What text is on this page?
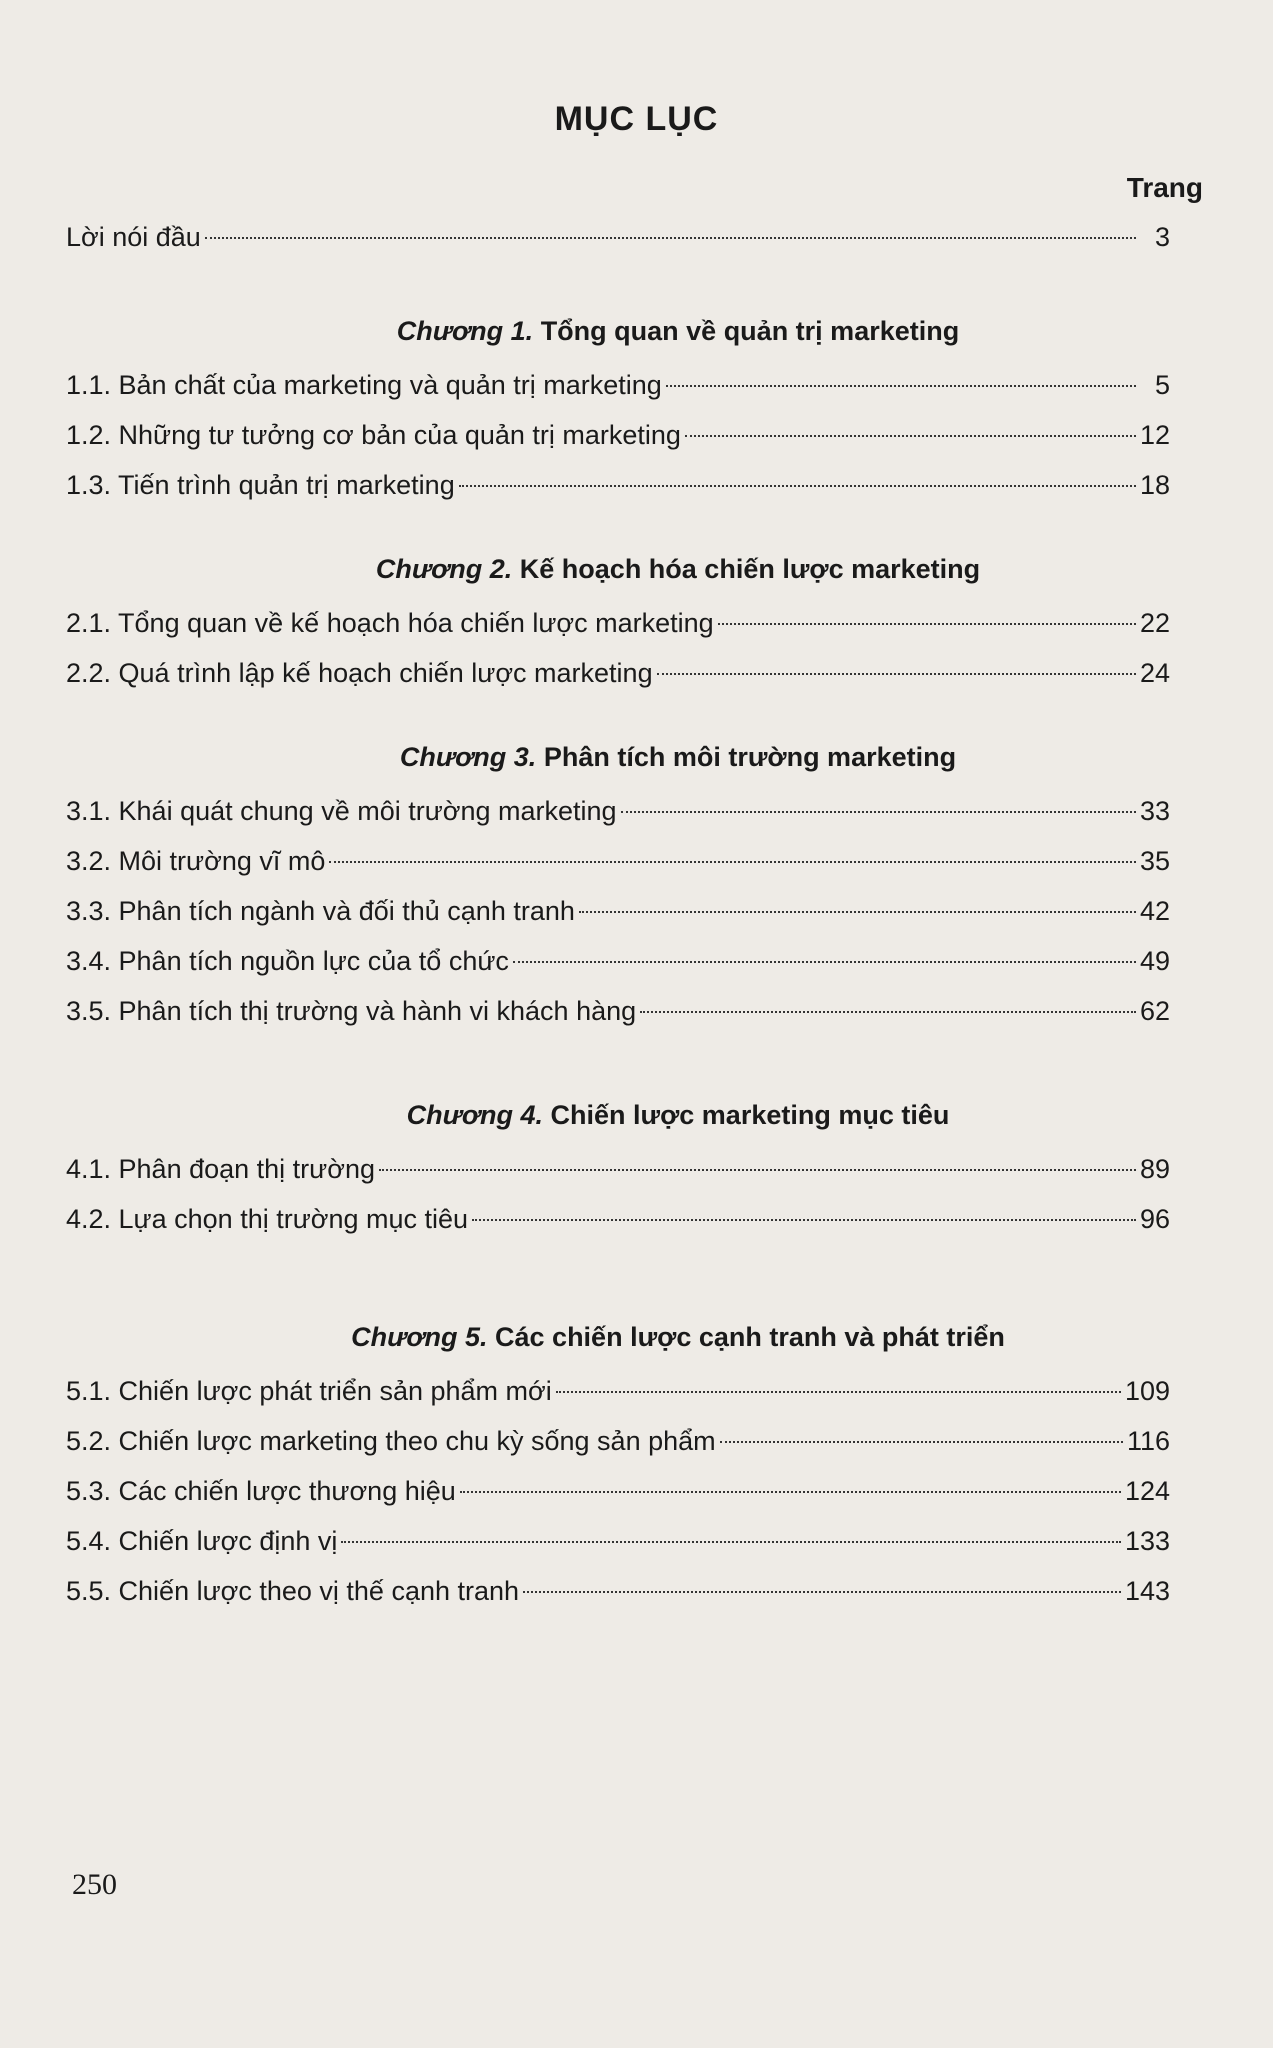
MỤC LỤC
Trang
Lời nói đầu	3
Chương 1. Tổng quan về quản trị marketing
1.1. Bản chất của marketing và quản trị marketing	5
1.2. Những tư tưởng cơ bản của quản trị marketing	12
1.3. Tiến trình quản trị marketing	18
Chương 2. Kế hoạch hóa chiến lược marketing
2.1. Tổng quan về kế hoạch hóa chiến lược marketing	22
2.2. Quá trình lập kế hoạch chiến lược marketing	24
Chương 3. Phân tích môi trường marketing
3.1. Khái quát chung về môi trường marketing	33
3.2. Môi trường vĩ mô	35
3.3. Phân tích ngành và đối thủ cạnh tranh	42
3.4. Phân tích nguồn lực của tổ chức	49
3.5. Phân tích thị trường và hành vi khách hàng	62
Chương 4. Chiến lược marketing mục tiêu
4.1. Phân đoạn thị trường	89
4.2. Lựa chọn thị trường mục tiêu	96
Chương 5. Các chiến lược cạnh tranh và phát triển
5.1. Chiến lược phát triển sản phẩm mới	109
5.2. Chiến lược marketing theo chu kỳ sống sản phẩm	116
5.3. Các chiến lược thương hiệu	124
5.4. Chiến lược định vị	133
5.5. Chiến lược theo vị thế cạnh tranh	143
250
